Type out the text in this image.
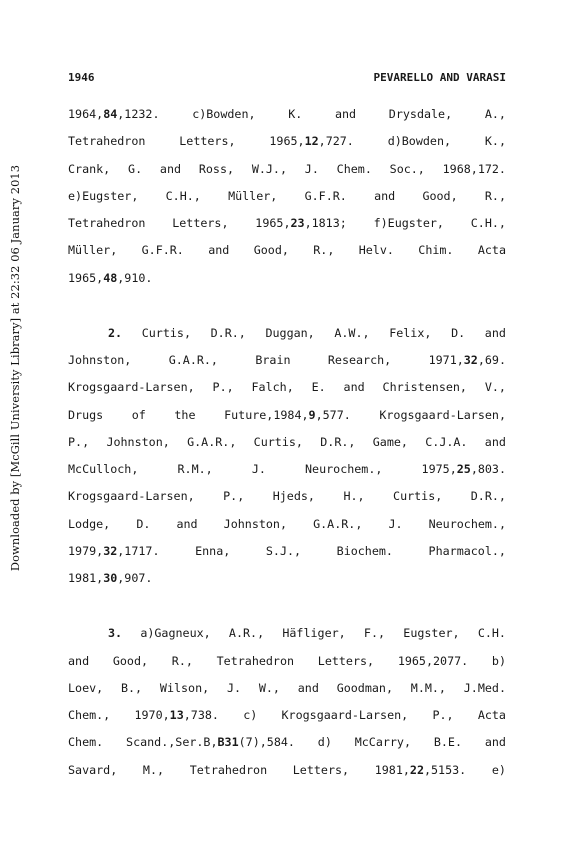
Downloaded by [McGill University Library] at 22:32 06 January 2013
1946	PEVARELLO AND VARASI
1964,84,1232.	c)Bowden,	K.	and	Drysdale,	A.,
Tetrahedron	Letters,	1965,12,727.	d)Bowden,	K.,
Crank, G. and Ross, W.J., J. Chem. Soc., 1968,172.
e)Eugster, C.H., Müller, G.F.R. and Good, R.,
Tetrahedron Letters, 1965,23,1813; f)Eugster, C.H.,
Müller, G.F.R. and Good, R., Helv. Chim. Acta
1965,48,910.
2. Curtis, D.R., Duggan, A.W., Felix, D. and
Johnston,	G.A.R.,	Brain	Research,	1971,32,69.
Krogsgaard-Larsen, P., Falch, E. and Christensen, V.,
Drugs of the Future,1984,9,577. Krogsgaard-Larsen,
P., Johnston, G.A.R., Curtis, D.R., Game, C.J.A. and
McCulloch,	R.M.,	J.	Neurochem.,	1975,25,803.
Krogsgaard-Larsen, P., Hjeds, H., Curtis, D.R.,
Lodge, D. and Johnston, G.A.R., J. Neurochem.,
1979,32,1717.	Enna,	S.J.,	Biochem.	Pharmacol.,
1981,30,907.
3. a)Gagneux, A.R., Häfliger, F., Eugster, C.H.
and Good, R., Tetrahedron Letters, 1965,2077. b)
Loev, B., Wilson, J. W., and Goodman, M.M., J.Med.
Chem., 1970,13,738. c) Krogsgaard-Larsen, P., Acta
Chem. Scand.,Ser.B,B31(7),584. d) McCarry, B.E. and
Savard, M., Tetrahedron Letters, 1981,22,5153. e)
